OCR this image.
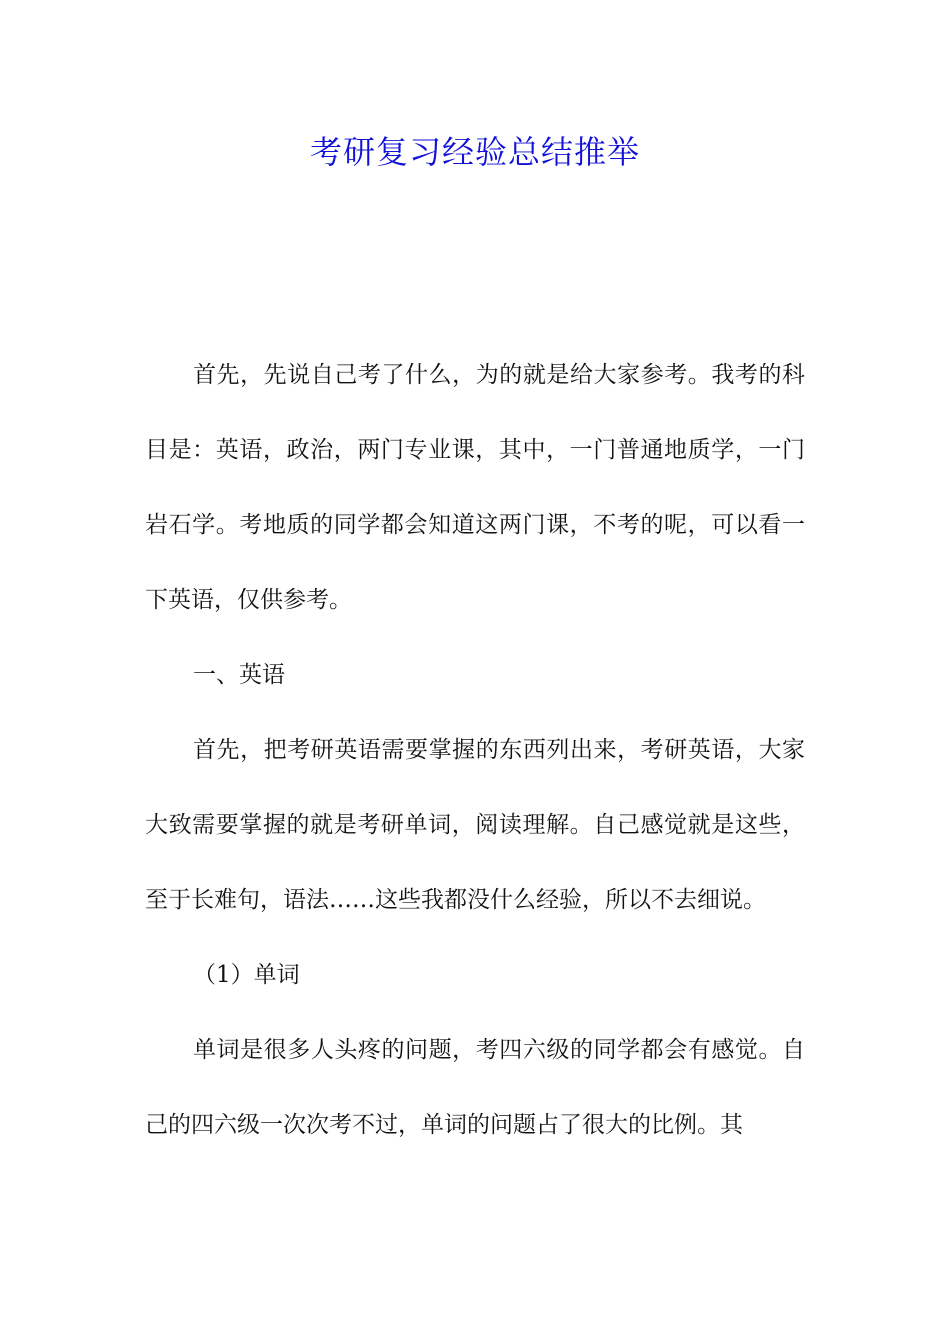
考研复习经验总结推举

首先，先说自己考了什么，为的就是给大家参考。我考的科目是：英语，政治，两门专业课，其中，一门普通地质学，一门岩石学。考地质的同学都会知道这两门课，不考的呢，可以看一下英语，仅供参考。

一、英语

首先，把考研英语需要掌握的东西列出来，考研英语，大家大致需要掌握的就是考研单词，阅读理解。自己感觉就是这些，至于长难句，语法……这些我都没什么经验，所以不去细说。

（1）单词

单词是很多人头疼的问题，考四六级的同学都会有感觉。自己的四六级一次次考不过，单词的问题占了很大的比例。其
